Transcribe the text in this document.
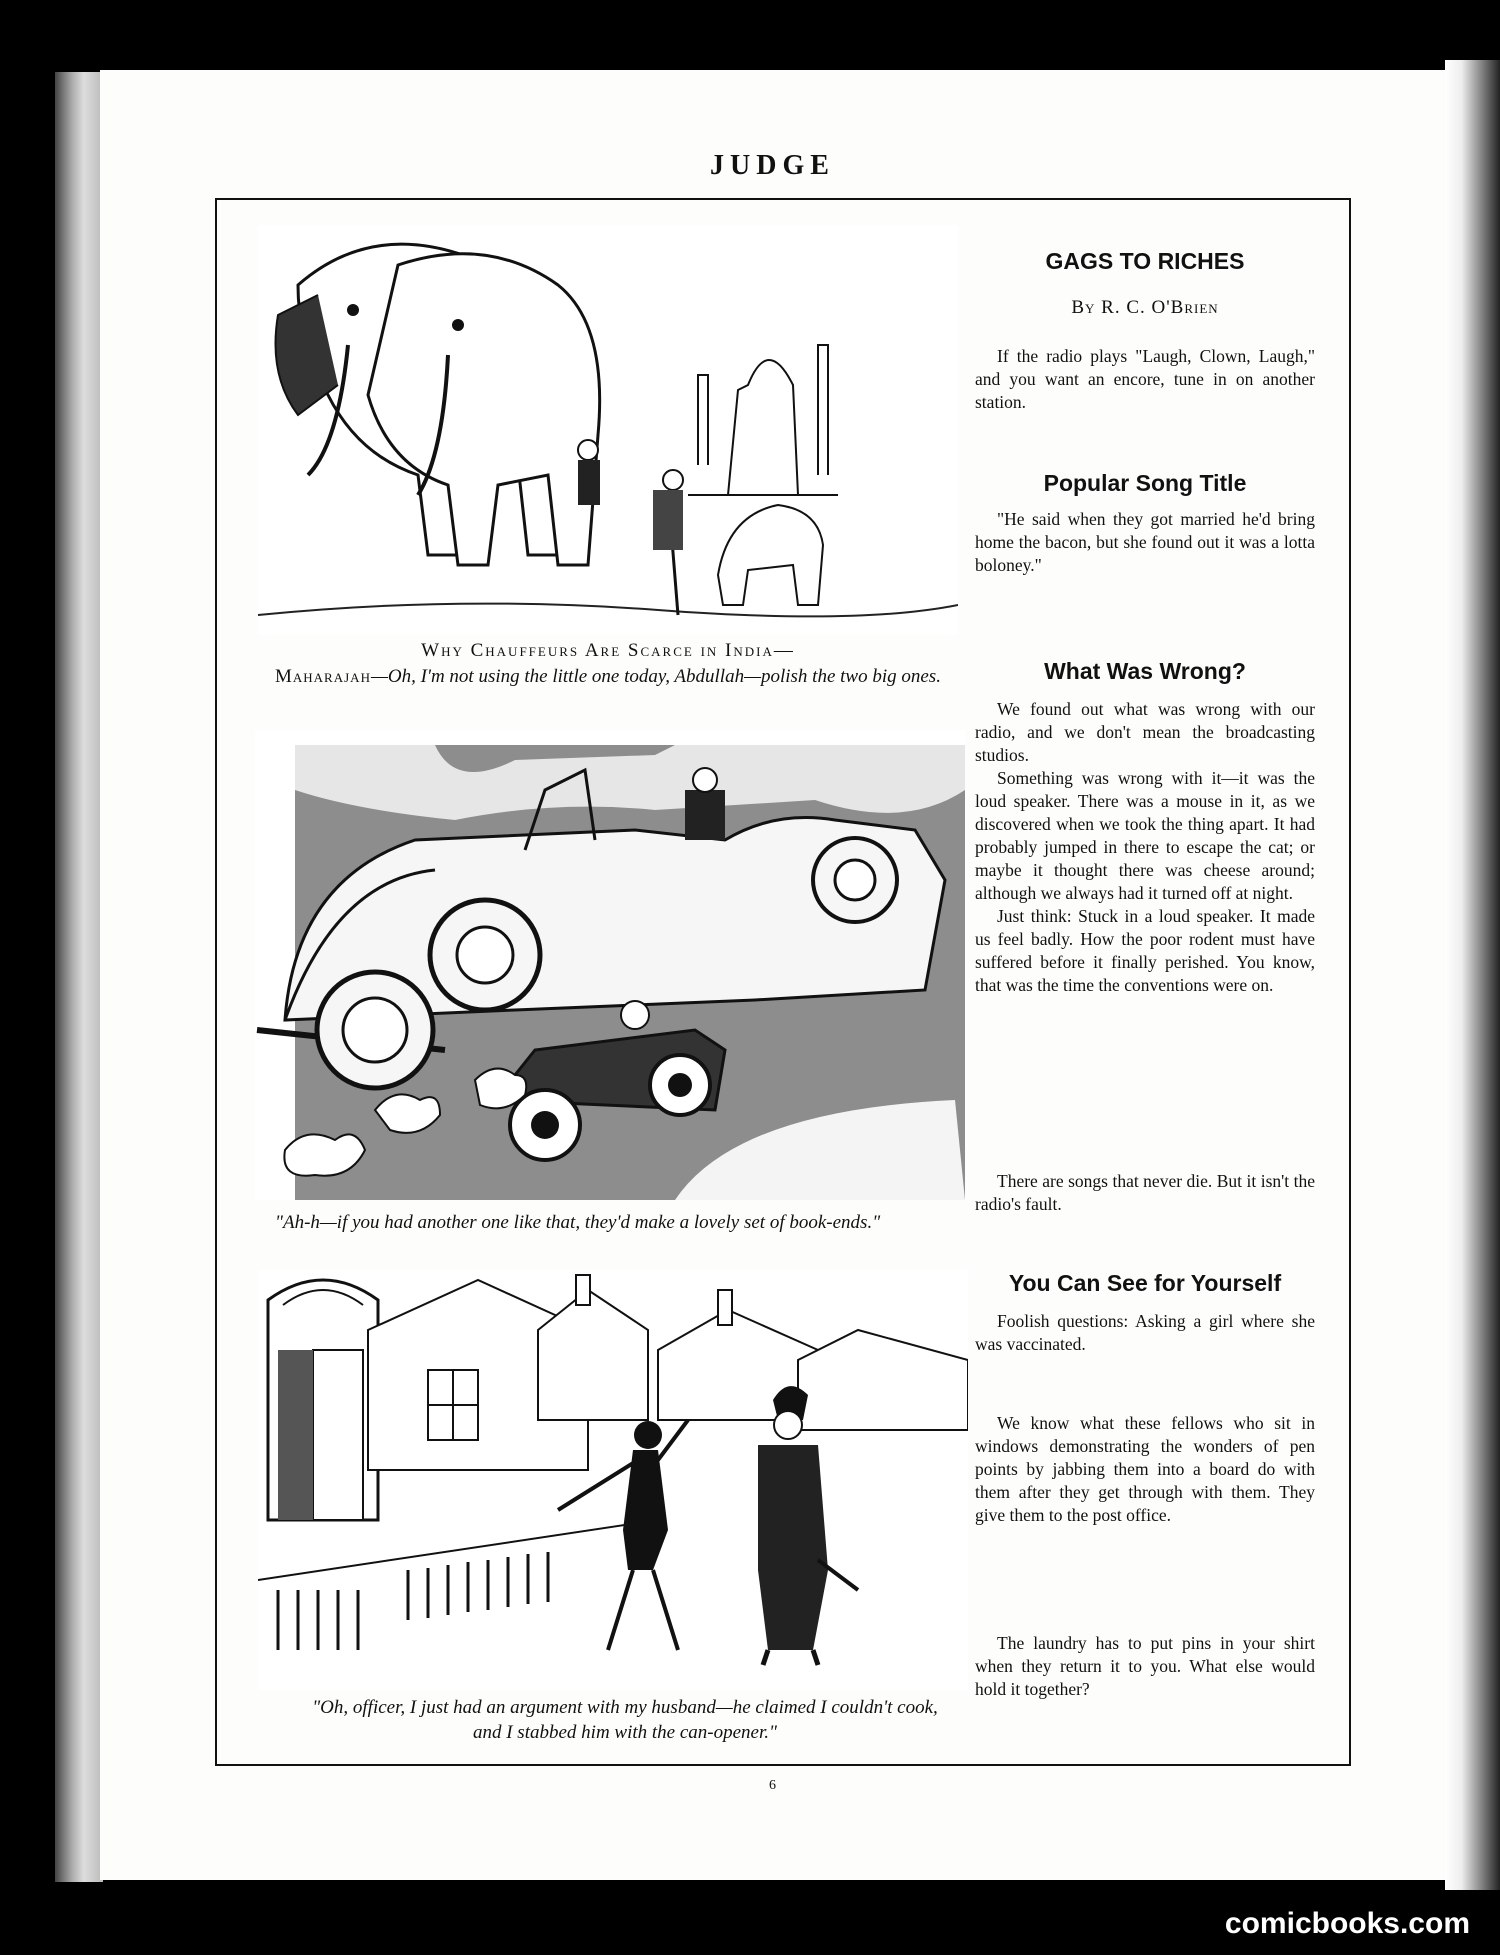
JUDGE
Why Chauffeurs Are Scarce in India—
Maharajah—Oh, I'm not using the little one today, Abdullah—polish the two big ones.
"Ah-h—if you had another one like that, they'd make a lovely set of book-ends."
"Oh, officer, I just had an argument with my husband—he claimed I couldn't cook, and I stabbed him with the can-opener."
GAGS TO RICHES
By R. C. O'Brien

If the radio plays "Laugh, Clown, Laugh," and you want an encore, tune in on another station.

Popular Song Title

"He said when they got married he'd bring home the bacon, but she found out it was a lotta boloney."

What Was Wrong?

We found out what was wrong with our radio, and we don't mean the broadcasting studios.

Something was wrong with it—it was the loud speaker. There was a mouse in it, as we discovered when we took the thing apart. It had probably jumped in there to escape the cat; or maybe it thought there was cheese around; although we always had it turned off at night.

Just think: Stuck in a loud speaker. It made us feel badly. How the poor rodent must have suffered before it finally perished. You know, that was the time the conventions were on.

There are songs that never die. But it isn't the radio's fault.

You Can See for Yourself

Foolish questions: Asking a girl where she was vaccinated.

We know what these fellows who sit in windows demonstrating the wonders of pen points by jabbing them into a board do with them after they get through with them. They give them to the post office.

The laundry has to put pins in your shirt when they return it to you. What else would hold it together?

6
comicbooks.com
